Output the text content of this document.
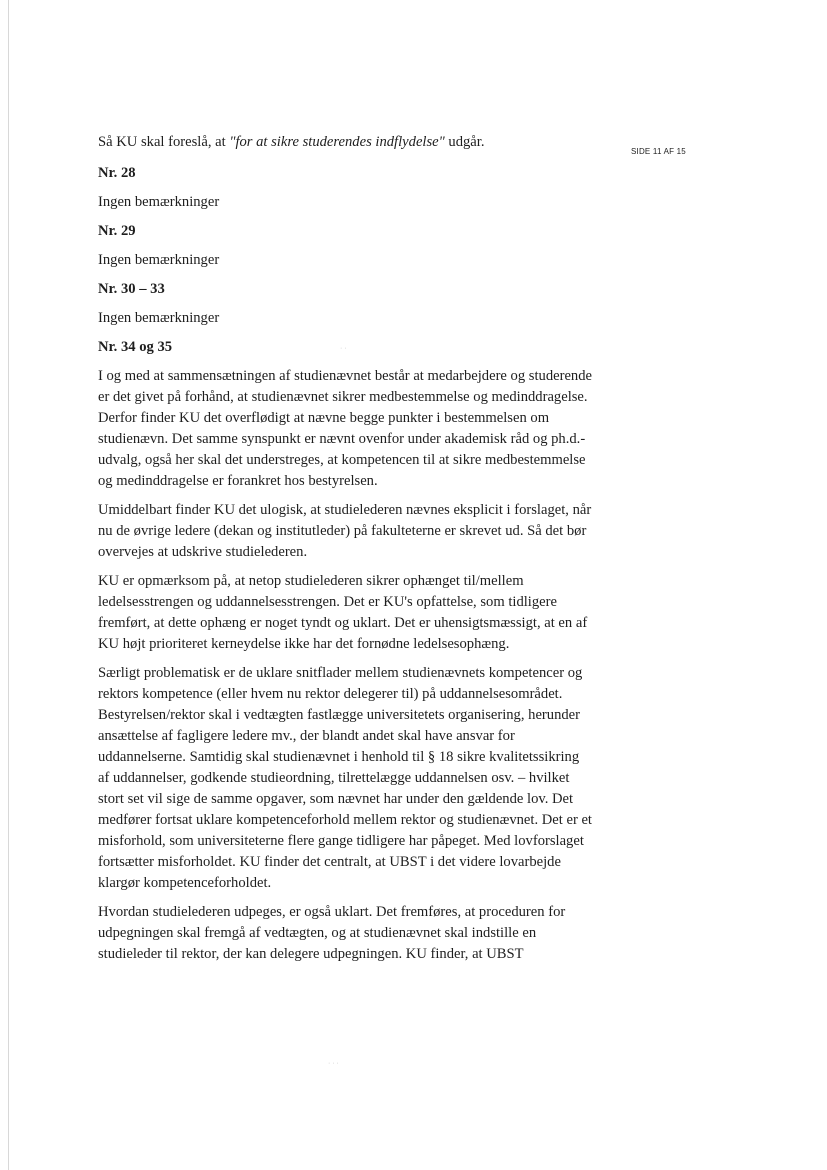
SIDE 11 AF 15

Så KU skal foreslå, at "for at sikre studerendes indflydelse" udgår.

Nr. 28

Ingen bemærkninger

Nr. 29

Ingen bemærkninger

Nr. 30 – 33

Ingen bemærkninger

Nr. 34 og 35

I og med at sammensætningen af studienævnet består at medarbejdere og studerende er det givet på forhånd, at studienævnet sikrer medbestemmelse og medinddragelse. Derfor finder KU det overflødigt at nævne begge punkter i bestemmelsen om studienævn. Det samme synspunkt er nævnt ovenfor under akademisk råd og ph.d.-udvalg, også her skal det understreges, at kompetencen til at sikre medbestemmelse og medinddragelse er forankret hos bestyrelsen.

Umiddelbart finder KU det ulogisk, at studielederen nævnes eksplicit i forslaget, når nu de øvrige ledere (dekan og institutleder) på fakulteterne er skrevet ud. Så det bør overvejes at udskrive studielederen.

KU er opmærksom på, at netop studielederen sikrer ophænget til/mellem ledelsesstrengen og uddannelsesstrengen. Det er KU's opfattelse, som tidligere fremført, at dette ophæng er noget tyndt og uklart. Det er uhensigtsmæssigt, at en af KU højt prioriteret kerneydelse ikke har det fornødne ledelsesophæng.

Særligt problematisk er de uklare snitflader mellem studienævnets kompetencer og rektors kompetence (eller hvem nu rektor delegerer til) på uddannelsesområdet. Bestyrelsen/rektor skal i vedtægten fastlægge universitetets organisering, herunder ansættelse af fagligere ledere mv., der blandt andet skal have ansvar for uddannelserne. Samtidig skal studienævnet i henhold til § 18 sikre kvalitetssikring af uddannelser, godkende studieordning, tilrettelægge uddannelsen osv. – hvilket stort set vil sige de samme opgaver, som nævnet har under den gældende lov. Det medfører fortsat uklare kompetenceforhold mellem rektor og studienævnet. Det er et misforhold, som universiteterne flere gange tidligere har påpeget. Med lovforslaget fortsætter misforholdet. KU finder det centralt, at UBST i det videre lovarbejde klargør kompetenceforholdet.

Hvordan studielederen udpeges, er også uklart. Det fremføres, at proceduren for udpegningen skal fremgå af vedtægten, og at studienævnet skal indstille en studieleder til rektor, der kan delegere udpegningen. KU finder, at UBST

· ·
· · ·
